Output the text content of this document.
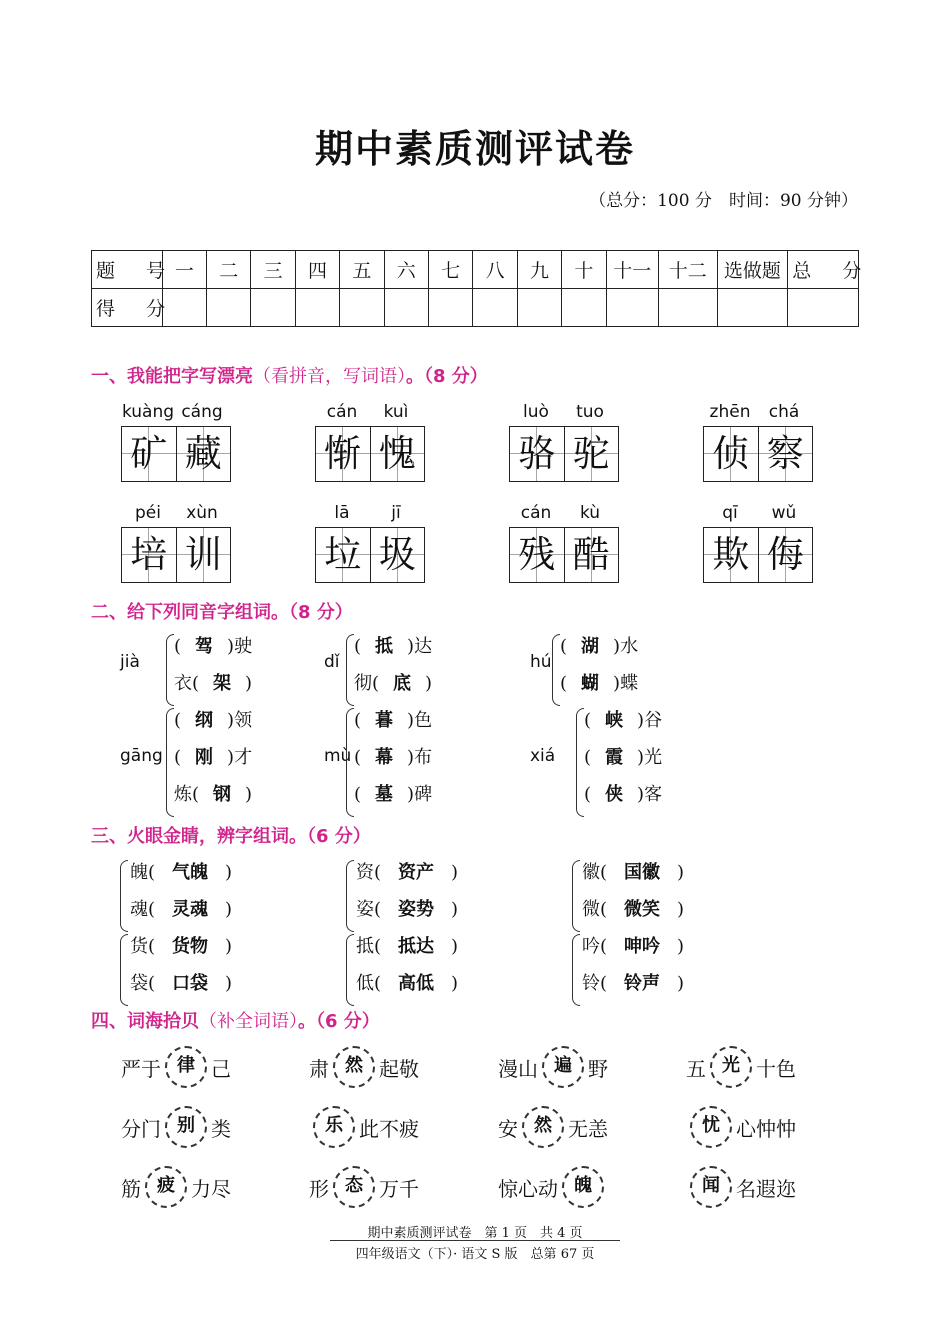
期中素质测评试卷
（总分：100 分　时间：90 分钟）
题　号	一	二	三	四	五	六	七	八	九	十	十一	十二	选做题	总　分
得　分														
一、我能把字写漂亮（看拼音，写词语）。（8 分）
kuàng cáng
矿 藏
cán kuì
惭 愧
luò tuo
骆 驼
zhēn chá
侦 察
péi xùn
培 训
lā jī
垃 圾
cán kù
残 酷
qī wǔ
欺 侮
二、给下列同音字组词。（8 分）
jià
( 驾 )驶
衣( 架 )
dǐ
( 抵 )达
彻( 底 )
hú
( 湖 )水
( 蝴 )蝶
gāng
( 纲 )领
( 刚 )才
炼( 钢 )
mù
( 暮 )色
( 幕 )布
( 墓 )碑
xiá
( 峡 )谷
( 霞 )光
( 侠 )客
三、火眼金睛，辨字组词。（6 分）
魄( 气魄 )
魂( 灵魂 )
资( 资产 )
姿( 姿势 )
徽( 国徽 )
微( 微笑 )
货( 货物 )
袋( 口袋 )
抵( 抵达 )
低( 高低 )
吟( 呻吟 )
铃( 铃声 )
四、词海拾贝（补全词语）。（6 分）
严于 律 己	肃 然 起敬	漫山 遍 野	五 光 十色
分门 别 类	乐 此不疲	安 然 无恙	忧 心忡忡
筋 疲 力尽	形 态 万千	惊心动 魄	闻 名遐迩
期中素质测评试卷　第 1 页　共 4 页
四年级语文（下）· 语文 S 版　总第 67 页
